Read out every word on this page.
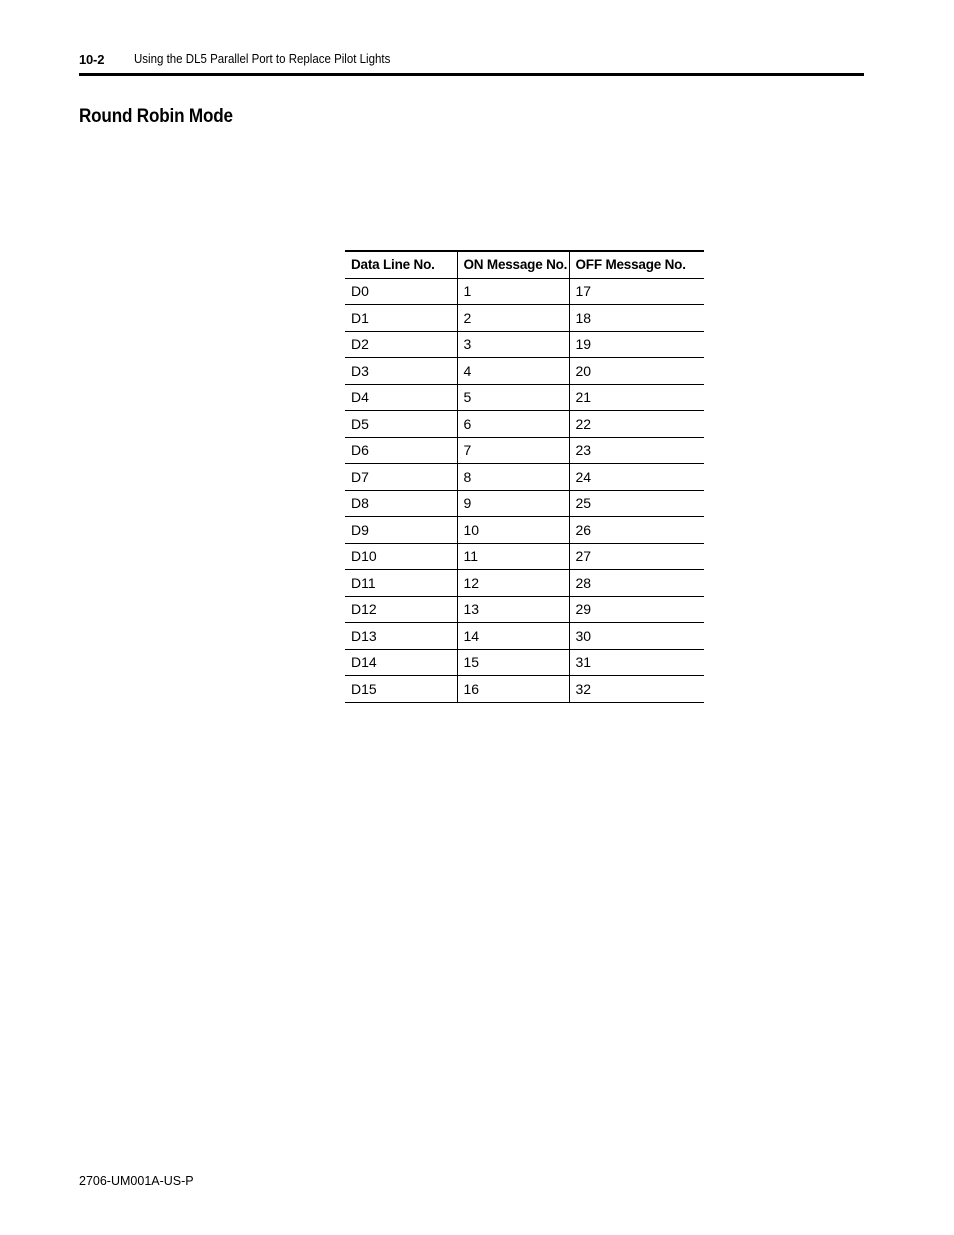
10-2 Using the DL5 Parallel Port to Replace Pilot Lights
Round Robin Mode
Data Line No.	ON Message No.	OFF Message No.
D0	1	17
D1	2	18
D2	3	19
D3	4	20
D4	5	21
D5	6	22
D6	7	23
D7	8	24
D8	9	25
D9	10	26
D10	11	27
D11	12	28
D12	13	29
D13	14	30
D14	15	31
D15	16	32
2706-UM001A-US-P
